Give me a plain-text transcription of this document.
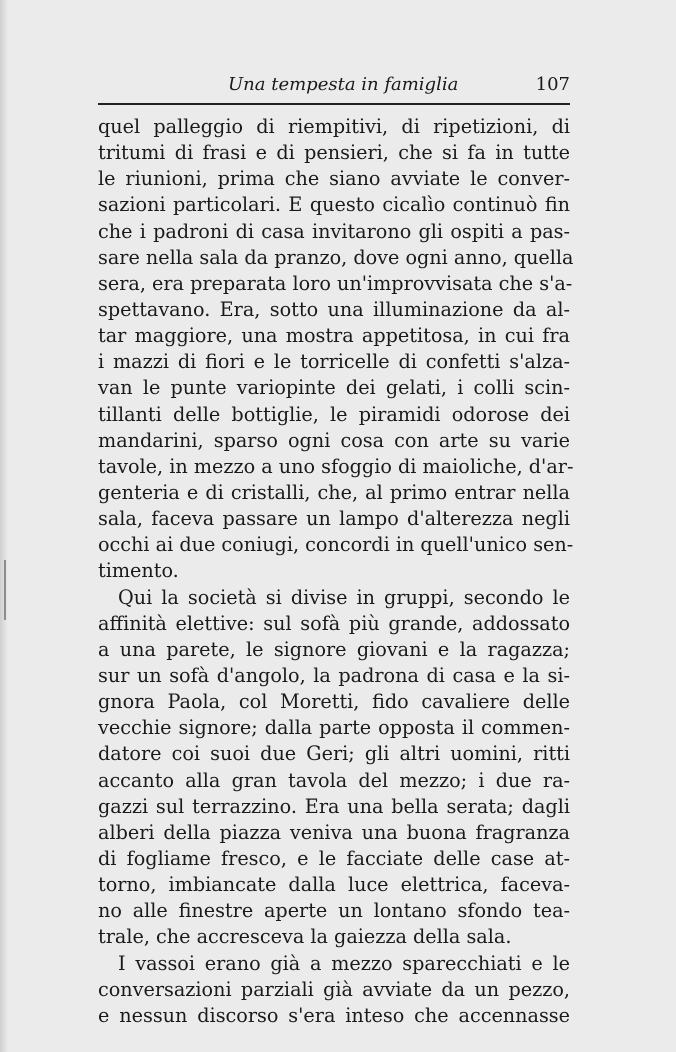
Una tempesta in famiglia	107
quel palleggio di riempitivi, di ripetizioni, di
tritumi di frasi e di pensieri, che si fa in tutte
le riunioni, prima che siano avviate le conver-
sazioni particolari. E questo cicalìo continuò fin
che i padroni di casa invitarono gli ospiti a pas-
sare nella sala da pranzo, dove ogni anno, quella
sera, era preparata loro un'improvvisata che s'a-
spettavano. Era, sotto una illuminazione da al-
tar maggiore, una mostra appetitosa, in cui fra
i mazzi di fiori e le torricelle di confetti s'alza-
van le punte variopinte dei gelati, i colli scin-
tillanti delle bottiglie, le piramidi odorose dei
mandarini, sparso ogni cosa con arte su varie
tavole, in mezzo a uno sfoggio di maioliche, d'ar-
genteria e di cristalli, che, al primo entrar nella
sala, faceva passare un lampo d'alterezza negli
occhi ai due coniugi, concordi in quell'unico sen-
timento.
Qui la società si divise in gruppi, secondo le
affinità elettive: sul sofà più grande, addossato
a una parete, le signore giovani e la ragazza;
sur un sofà d'angolo, la padrona di casa e la si-
gnora Paola, col Moretti, fido cavaliere delle
vecchie signore; dalla parte opposta il commen-
datore coi suoi due Geri; gli altri uomini, ritti
accanto alla gran tavola del mezzo; i due ra-
gazzi sul terrazzino. Era una bella serata; dagli
alberi della piazza veniva una buona fragranza
di fogliame fresco, e le facciate delle case at-
torno, imbiancate dalla luce elettrica, faceva-
no alle finestre aperte un lontano sfondo tea-
trale, che accresceva la gaiezza della sala.
I vassoi erano già a mezzo sparecchiati e le
conversazioni parziali già avviate da un pezzo,
e nessun discorso s'era inteso che accennasse
